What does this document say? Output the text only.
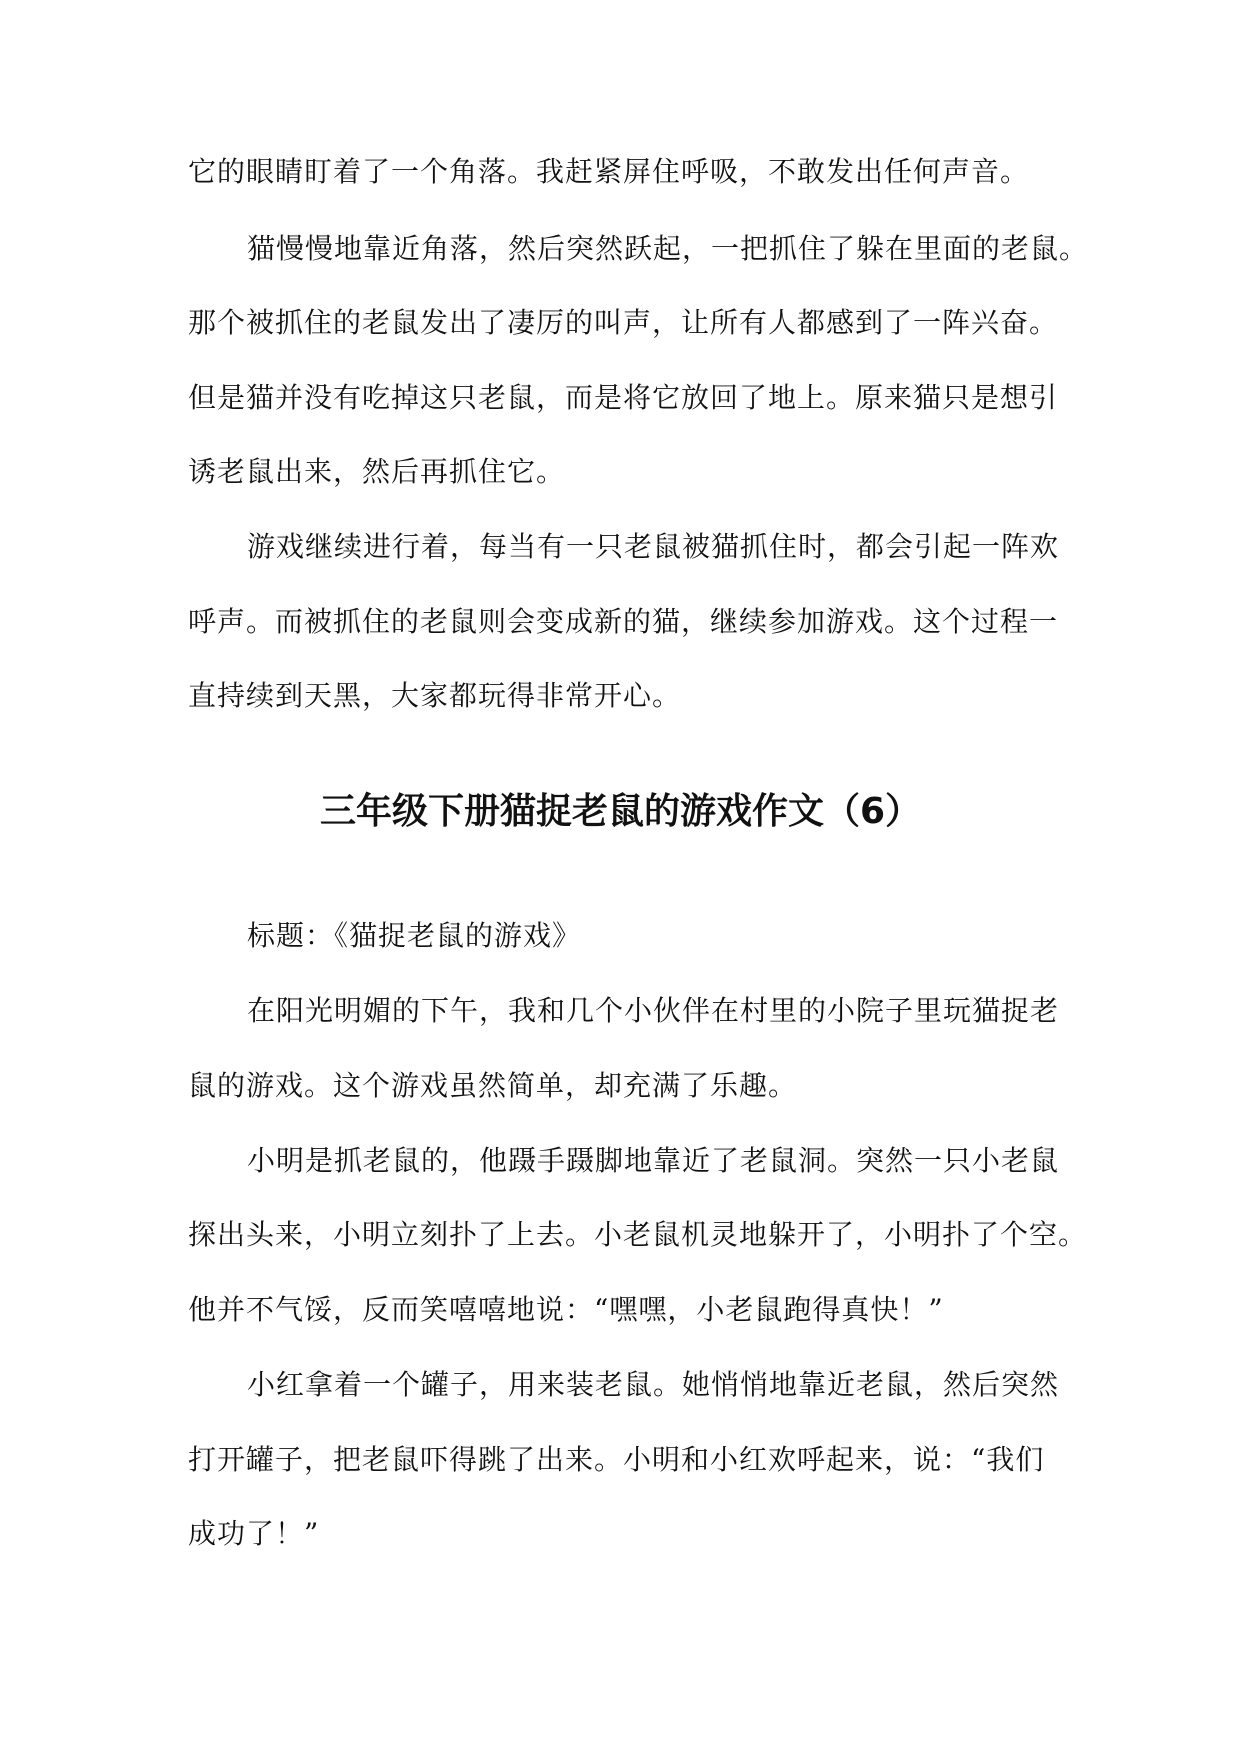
它的眼睛盯着了一个角落。我赶紧屏住呼吸，不敢发出任何声音。
猫慢慢地靠近角落，然后突然跃起，一把抓住了躲在里面的老鼠。
那个被抓住的老鼠发出了凄厉的叫声，让所有人都感到了一阵兴奋。
但是猫并没有吃掉这只老鼠，而是将它放回了地上。原来猫只是想引
诱老鼠出来，然后再抓住它。
游戏继续进行着，每当有一只老鼠被猫抓住时，都会引起一阵欢
呼声。而被抓住的老鼠则会变成新的猫，继续参加游戏。这个过程一
直持续到天黑，大家都玩得非常开心。
三年级下册猫捉老鼠的游戏作文（6）
标题：《猫捉老鼠的游戏》
在阳光明媚的下午，我和几个小伙伴在村里的小院子里玩猫捉老
鼠的游戏。这个游戏虽然简单，却充满了乐趣。
小明是抓老鼠的，他蹑手蹑脚地靠近了老鼠洞。突然一只小老鼠
探出头来，小明立刻扑了上去。小老鼠机灵地躲开了，小明扑了个空。
他并不气馁，反而笑嘻嘻地说：“嘿嘿，小老鼠跑得真快！”
小红拿着一个罐子，用来装老鼠。她悄悄地靠近老鼠，然后突然
打开罐子，把老鼠吓得跳了出来。小明和小红欢呼起来，说：“我们
成功了！”
